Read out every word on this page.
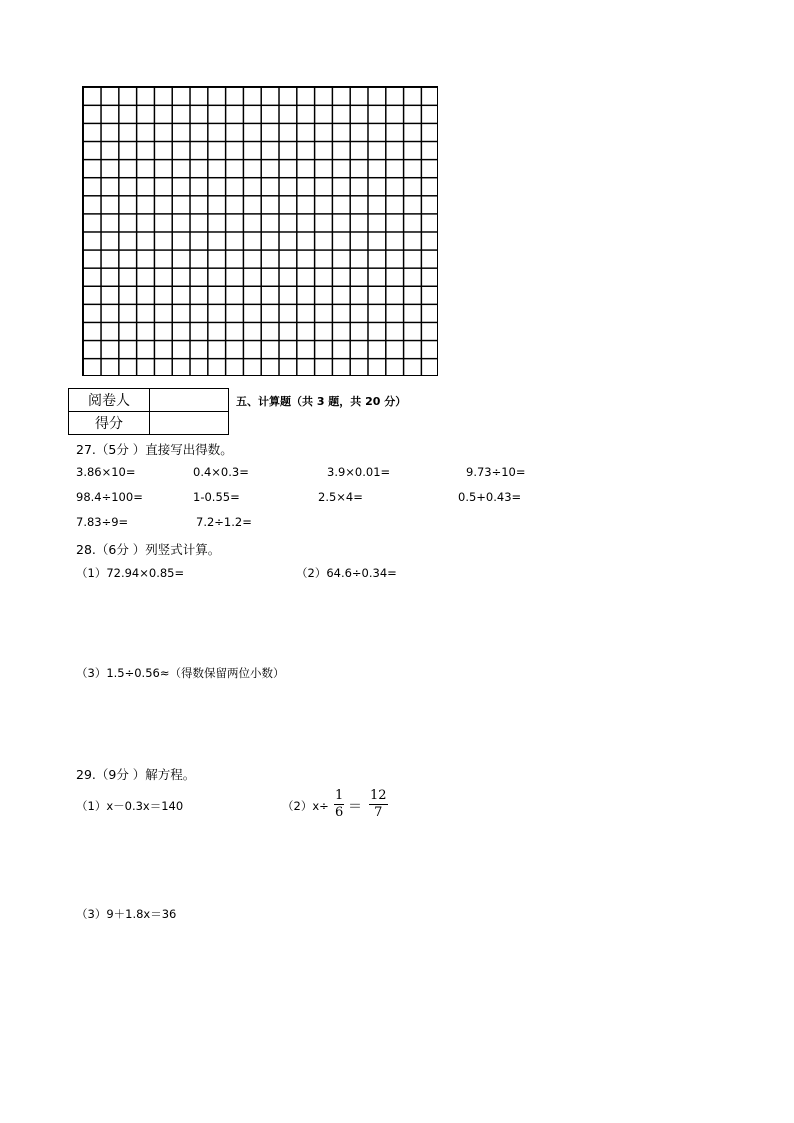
阅卷人	
得分	
五、计算题（共 3 题，共 20 分）
27.（5分 ）直接写出得数。
3.86×10=	0.4×0.3=	3.9×0.01=	9.73÷10=
98.4÷100=	1-0.55=	2.5×4=	0.5+0.43=
7.83÷9=	7.2÷1.2=
28.（6分 ）列竖式计算。
（1）72.94×0.85=	（2）64.6÷0.34=
（3）1.5÷0.56≈（得数保留两位小数）
29.（9分 ）解方程。
（1）x－0.3x＝140	（2）x÷
1
6 ＝
12
7
（3）9＋1.8x＝36
